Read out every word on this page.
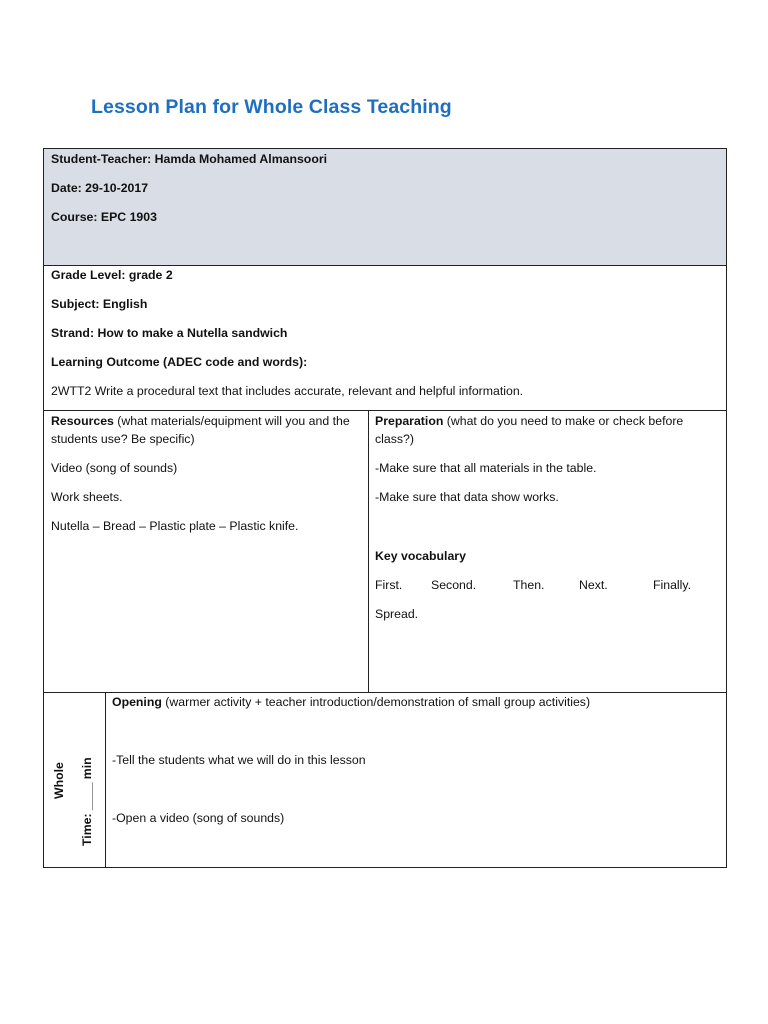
Lesson Plan for Whole Class Teaching
Student-Teacher: Hamda Mohamed Almansoori
Date: 29-10-2017
Course: EPC 1903
Grade Level: grade 2
Subject: English
Strand: How to make a Nutella sandwich
Learning Outcome (ADEC code and words):
2WTT2 Write a procedural text that includes accurate, relevant and helpful information.
Resources (what materials/equipment will you and the
students use? Be specific)
Video (song of sounds)
Work sheets.
Nutella – Bread – Plastic plate – Plastic knife.
Preparation (what do you need to make or check before
class?)
-Make sure that all materials in the table.
-Make sure that data show works.
Key vocabulary
First. Second.	Then.	Next.	Finally.
Spread.
Whole Time: ____ min
Opening (warmer activity + teacher introduction/demonstration of small group activities)
-Tell the students what we will do in this lesson
-Open a video (song of sounds)
